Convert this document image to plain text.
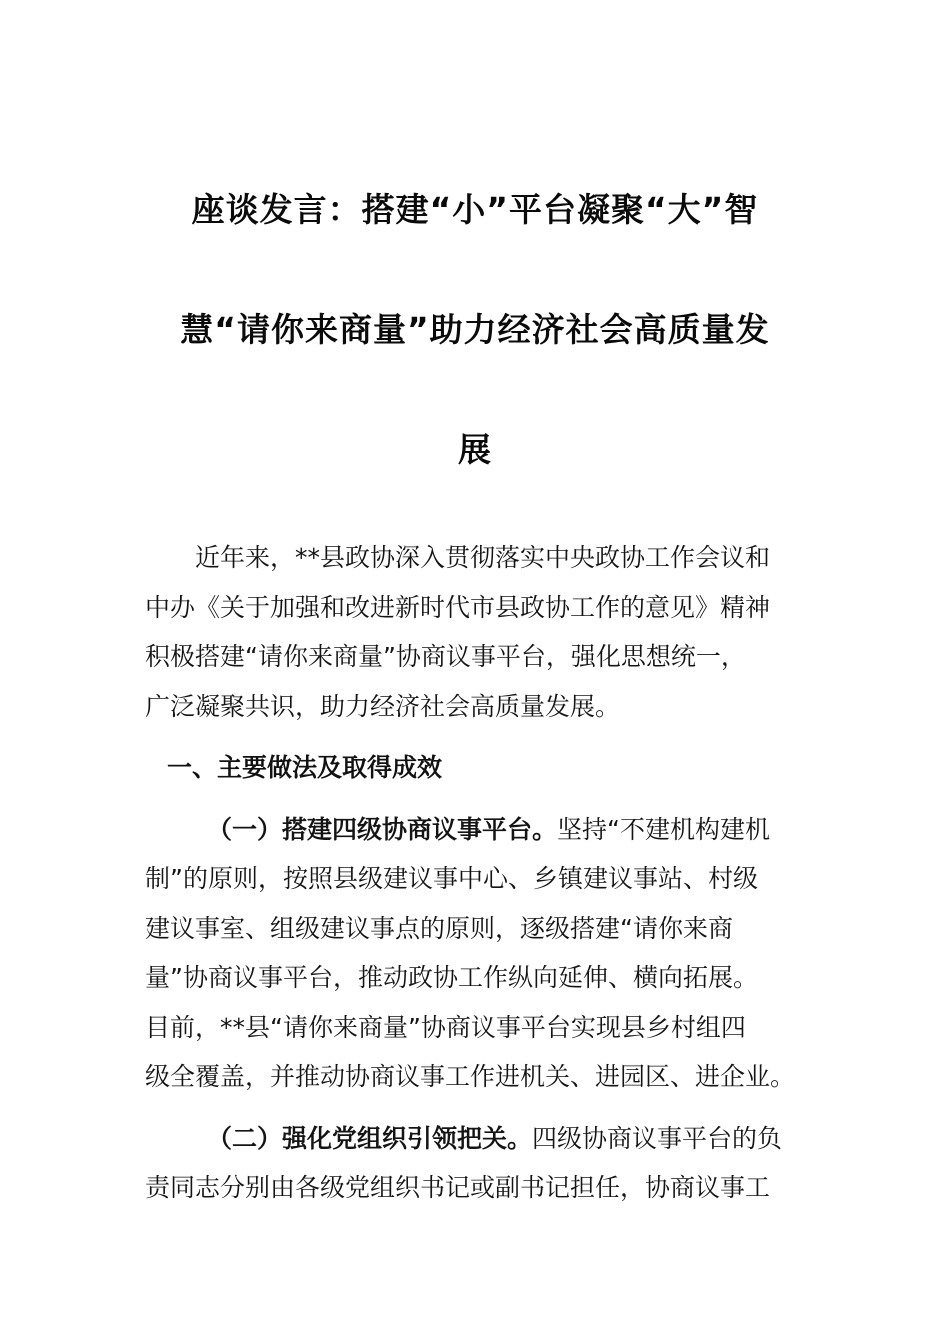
座谈发言：搭建“小”平台凝聚“大”智
慧“请你来商量”助力经济社会高质量发
展

近年来，**县政协深入贯彻落实中央政协工作会议和
中办《关于加强和改进新时代市县政协工作的意见》精神
积极搭建“请你来商量”协商议事平台，强化思想统一，
广泛凝聚共识，助力经济社会高质量发展。

一、主要做法及取得成效

（一）搭建四级协商议事平台。坚持“不建机构建机
制”的原则，按照县级建议事中心、乡镇建议事站、村级
建议事室、组级建议事点的原则，逐级搭建“请你来商
量”协商议事平台，推动政协工作纵向延伸、横向拓展。
目前，**县“请你来商量”协商议事平台实现县乡村组四
级全覆盖，并推动协商议事工作进机关、进园区、进企业。

（二）强化党组织引领把关。四级协商议事平台的负
责同志分别由各级党组织书记或副书记担任，协商议事工
